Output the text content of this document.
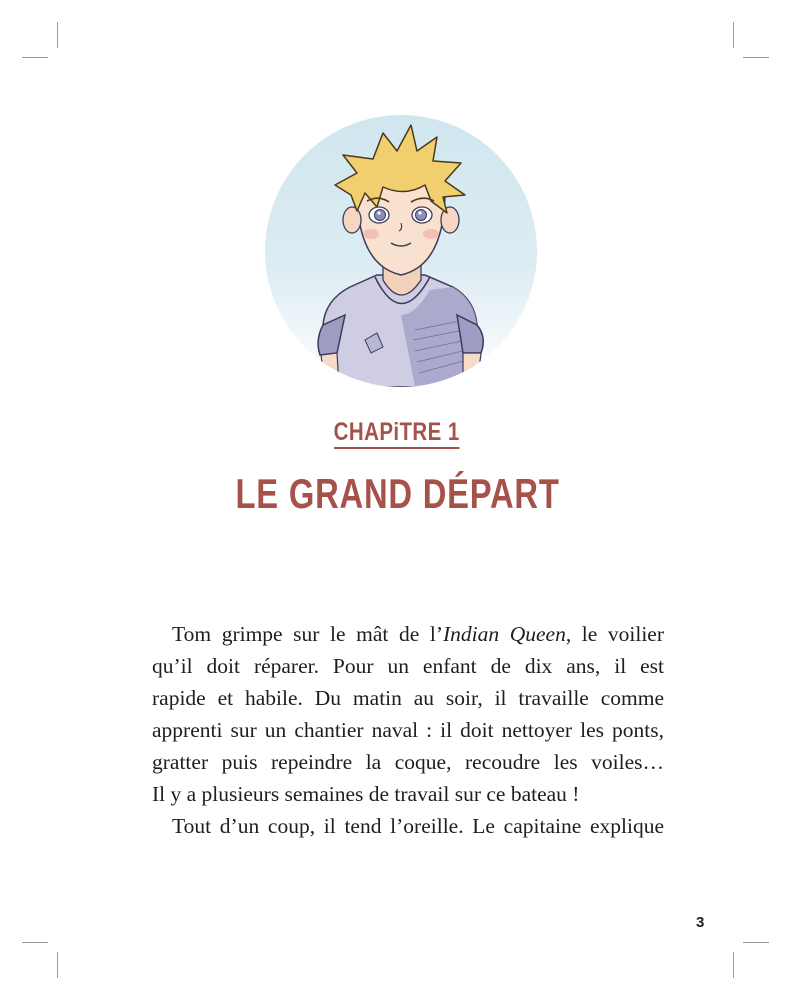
CHAPiTRE 1
LE GRAND DÉPART
Tom grimpe sur le mât de l’Indian Queen, le voilier
qu’il doit réparer. Pour un enfant de dix ans, il est
rapide et habile. Du matin au soir, il travaille comme
apprenti sur un chantier naval : il doit nettoyer les ponts,
gratter puis repeindre la coque, recoudre les voiles…
Il y a plusieurs semaines de travail sur ce bateau !
Tout d’un coup, il tend l’oreille. Le capitaine explique
3
